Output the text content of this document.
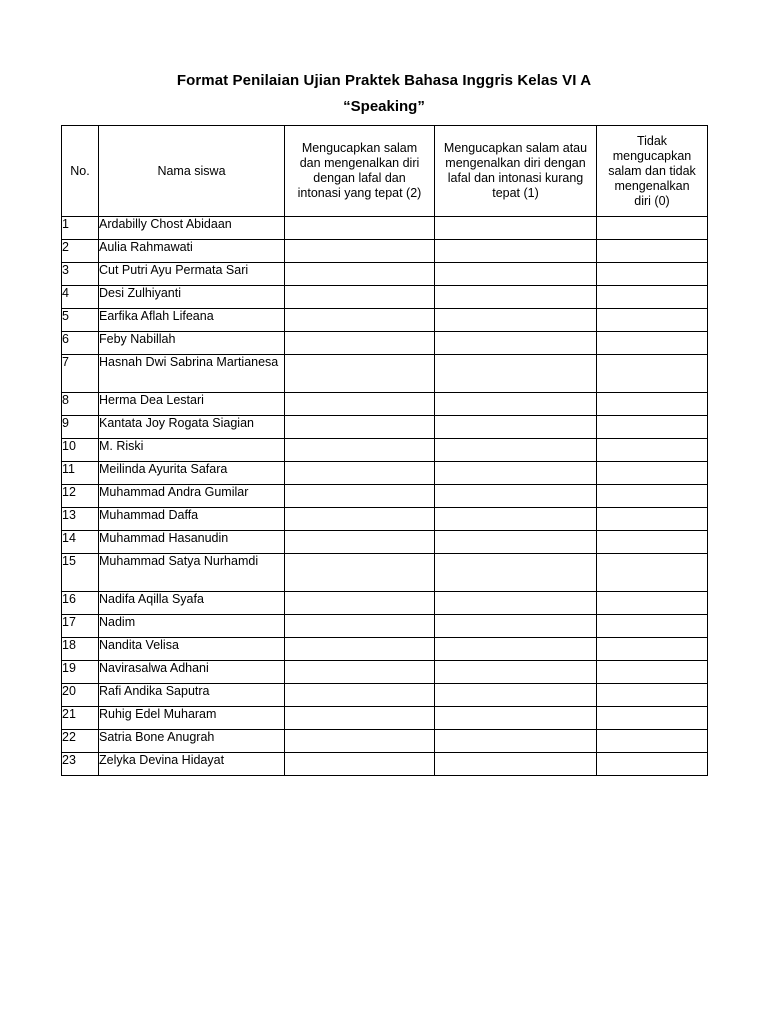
Format Penilaian Ujian Praktek Bahasa Inggris Kelas VI A
“Speaking”
No.	Nama siswa	Mengucapkan salam dan mengenalkan diri dengan lafal dan intonasi yang tepat (2)	Mengucapkan salam atau mengenalkan diri dengan lafal dan intonasi kurang tepat (1)	Tidak mengucapkan salam dan tidak mengenalkan diri (0)

1	Ardabilly Chost Abidaan			
2	Aulia Rahmawati			
3	Cut Putri Ayu Permata Sari			
4	Desi Zulhiyanti			
5	Earfika Aflah Lifeana			
6	Feby Nabillah			
7	Hasnah Dwi Sabrina Martianesa			
8	Herma Dea Lestari			
9	Kantata Joy Rogata Siagian			
10	M. Riski			
11	Meilinda Ayurita Safara			
12	Muhammad Andra Gumilar			
13	Muhammad Daffa			
14	Muhammad Hasanudin			
15	Muhammad Satya Nurhamdi			
16	Nadifa Aqilla Syafa			
17	Nadim			
18	Nandita Velisa			
19	Navirasalwa Adhani			
20	Rafi Andika Saputra			
21	Ruhig Edel Muharam			
22	Satria Bone Anugrah			
23	Zelyka Devina Hidayat			
